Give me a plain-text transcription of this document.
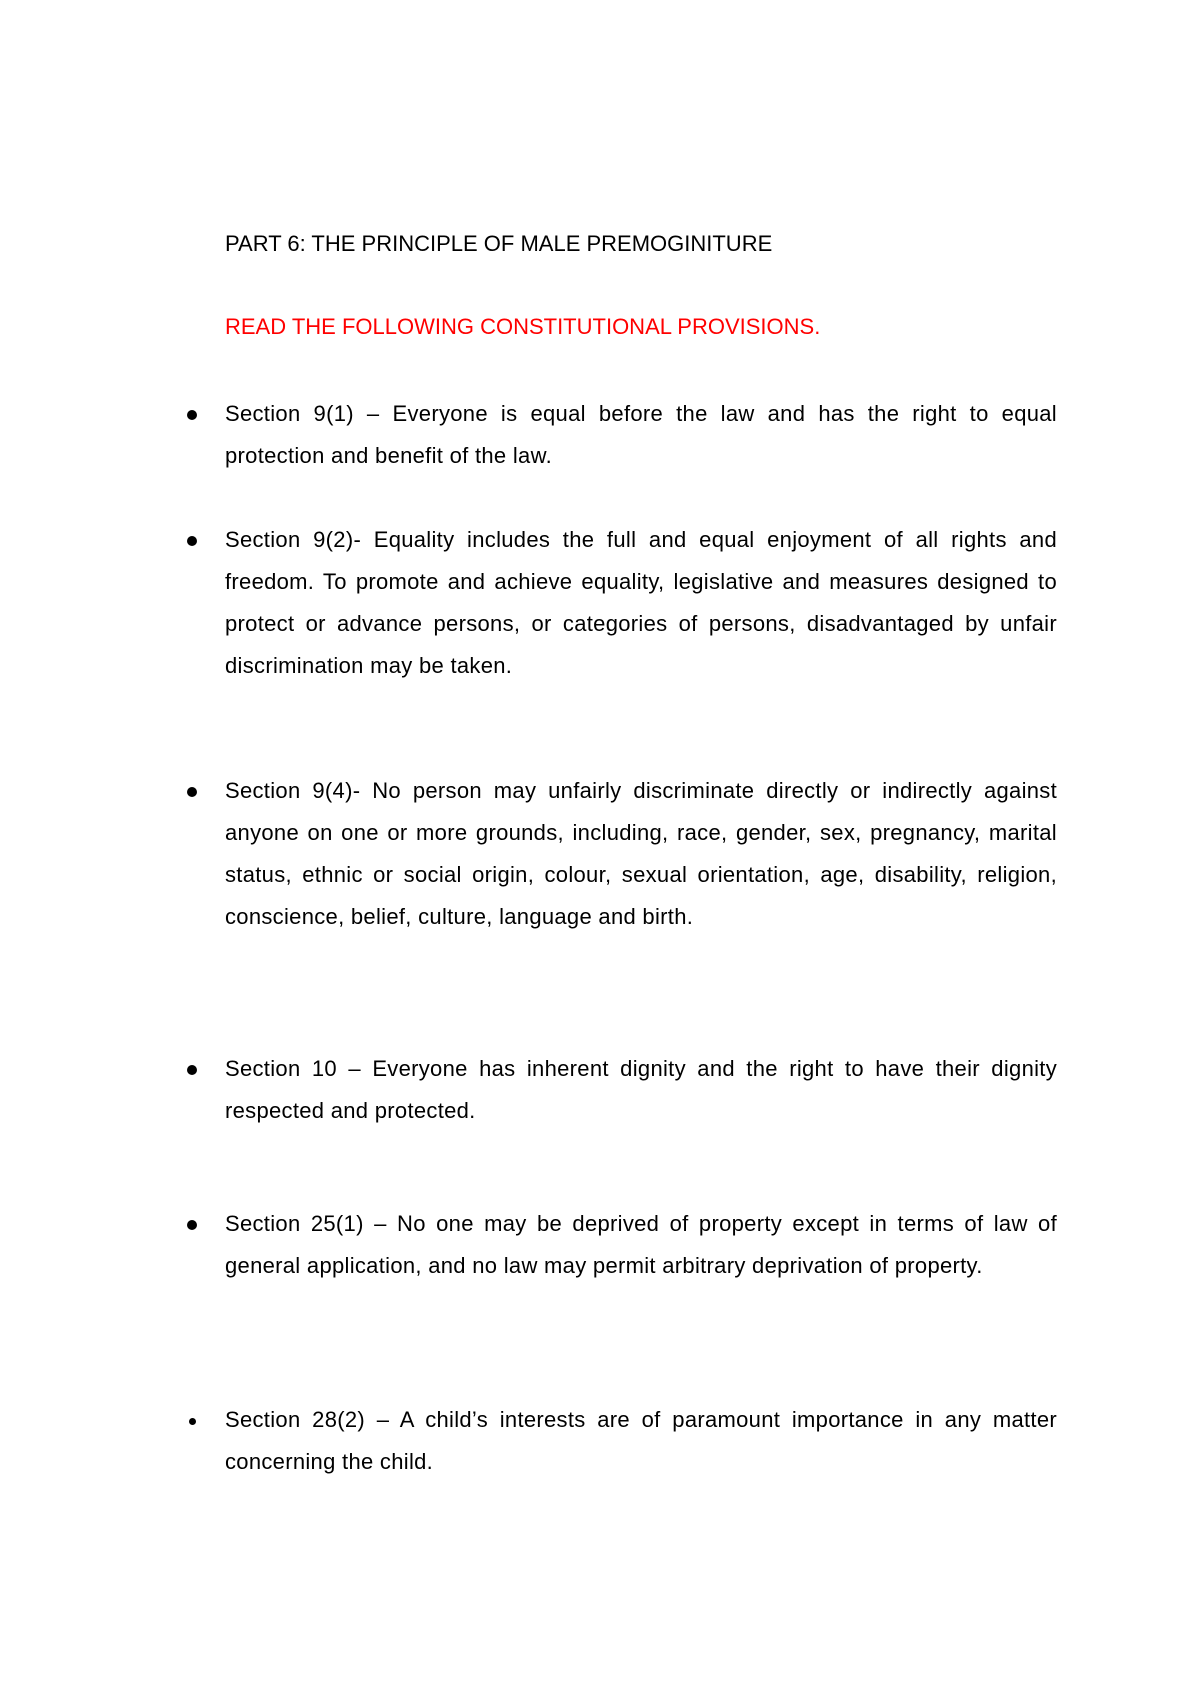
PART 6: THE PRINCIPLE OF MALE PREMOGINITURE
READ THE FOLLOWING CONSTITUTIONAL PROVISIONS.
Section 9(1) – Everyone is equal before the law and has the right to equal protection and benefit of the law.
Section 9(2)- Equality includes the full and equal enjoyment of all rights and freedom. To promote and achieve equality, legislative and measures designed to protect or advance persons, or categories of persons, disadvantaged by unfair discrimination may be taken.
Section 9(4)- No person may unfairly discriminate directly or indirectly against anyone on one or more grounds, including, race, gender, sex, pregnancy, marital status, ethnic or social origin, colour, sexual orientation, age, disability, religion, conscience, belief, culture, language and birth.
Section 10 – Everyone has inherent dignity and the right to have their dignity respected and protected.
Section 25(1) – No one may be deprived of property except in terms of law of general application, and no law may permit arbitrary deprivation of property.
Section 28(2) – A child’s interests are of paramount importance in any matter concerning the child.
